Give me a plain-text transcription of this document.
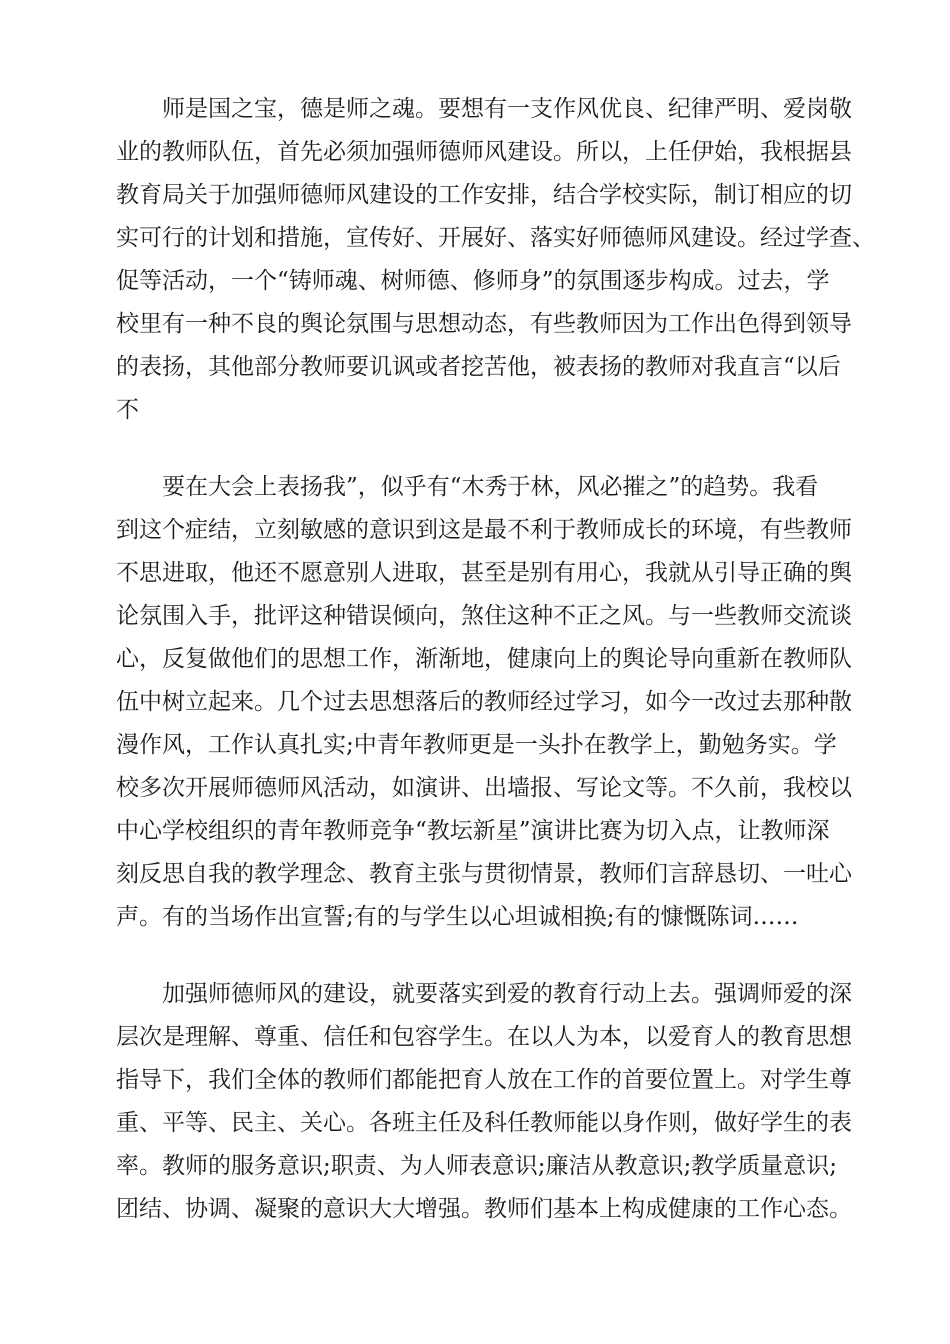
师是国之宝，德是师之魂。要想有一支作风优良、纪律严明、爱岗敬
业的教师队伍，首先必须加强师德师风建设。所以，上任伊始，我根据县
教育局关于加强师德师风建设的工作安排，结合学校实际，制订相应的切
实可行的计划和措施，宣传好、开展好、落实好师德师风建设。经过学查、
促等活动，一个“铸师魂、树师德、修师身”的氛围逐步构成。过去，学
校里有一种不良的舆论氛围与思想动态，有些教师因为工作出色得到领导
的表扬，其他部分教师要讥讽或者挖苦他，被表扬的教师对我直言“以后
不
要在大会上表扬我”，似乎有“木秀于林，风必摧之”的趋势。我看
到这个症结，立刻敏感的意识到这是最不利于教师成长的环境，有些教师
不思进取，他还不愿意别人进取，甚至是别有用心，我就从引导正确的舆
论氛围入手，批评这种错误倾向，煞住这种不正之风。与一些教师交流谈
心，反复做他们的思想工作，渐渐地，健康向上的舆论导向重新在教师队
伍中树立起来。几个过去思想落后的教师经过学习，如今一改过去那种散
漫作风，工作认真扎实;中青年教师更是一头扑在教学上，勤勉务实。学
校多次开展师德师风活动，如演讲、出墙报、写论文等。不久前，我校以
中心学校组织的青年教师竞争“教坛新星”演讲比赛为切入点，让教师深
刻反思自我的教学理念、教育主张与贯彻情景，教师们言辞恳切、一吐心
声。有的当场作出宣誓;有的与学生以心坦诚相换;有的慷慨陈词……
加强师德师风的建设，就要落实到爱的教育行动上去。强调师爱的深
层次是理解、尊重、信任和包容学生。在以人为本，以爱育人的教育思想
指导下，我们全体的教师们都能把育人放在工作的首要位置上。对学生尊
重、平等、民主、关心。各班主任及科任教师能以身作则，做好学生的表
率。教师的服务意识;职责、为人师表意识;廉洁从教意识;教学质量意识;
团结、协调、凝聚的意识大大增强。教师们基本上构成健康的工作心态。
